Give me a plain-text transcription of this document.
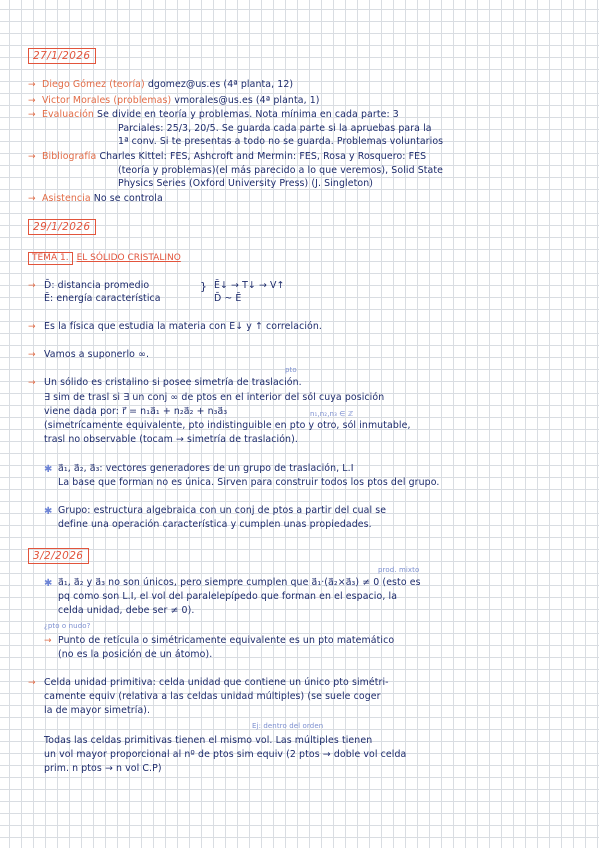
27/1/2026
→ Diego Gómez (teoría) dgomez@us.es (4ª planta, 12)
→ Victor Morales (problemas) vmorales@us.es (4ª planta, 1)
→ Evaluación Se divide en teoría y problemas. Nota mínima en cada parte: 3
Parciales: 25/3, 20/5. Se guarda cada parte si la apruebas para la
1ª conv. Si te presentas a todo no se guarda. Problemas voluntarios
→ Bibliografía Charles Kittel: FES, Ashcroft and Mermin: FES, Rosa y Rosquero: FES
(teoría y problemas)(el más parecido a lo que veremos), Solid State
Physics Series (Oxford University Press) (J. Singleton)
→ Asistencia No se controla
29/1/2026
TEMA 1. EL SÓLIDO CRISTALINO
→ D̄: distancia promedio	} Ē↓ → T↓ → V↑
Ē: energía característica	D̄ ~ Ē
→ Es la física que estudia la materia con E↓ y ↑ correlación.
→ Vamos a suponerlo ∞.
pto
→ Un sólido es cristalino si posee simetría de traslación.
∃ sim de trasl si ∃ un conj ∞ de ptos en el interior del sól cuya posición
viene dada por: r⃗ = n₁a⃗₁ + n₂a⃗₂ + n₃a⃗₃	n₁,n₂,n₃ ∈ ℤ
(simetrícamente equivalente, pto indistinguible en pto y otro, sól inmutable,
trasl no observable (tocam → simetría de traslación).
✱ a⃗₁, a⃗₂, a⃗₃: vectores generadores de un grupo de traslación, L.I
La base que forman no es única. Sirven para construir todos los ptos del grupo.
✱ Grupo: estructura algebraica con un conj de ptos a partir del cual se
define una operación característica y cumplen unas propiedades.
3/2/2026
prod. mixto
✱ a⃗₁, a⃗₂ y a⃗₃ no son únicos, pero siempre cumplen que a⃗₁·(a⃗₂×a⃗₃) ≠ 0 (esto es
pq como son L.I, el vol del paralelepípedo que forman en el espacio, la
celda unidad, debe ser ≠ 0).
¿pto o nudo?
→ Punto de retícula o simétricamente equivalente es un pto matemático
(no es la posición de un átomo).
→ Celda unidad primitiva: celda unidad que contiene un único pto simétri-
camente equiv (relativa a las celdas unidad múltiples) (se suele coger
la de mayor simetría).
Ej: dentro del orden
Todas las celdas primitivas tienen el mismo vol. Las múltiples tienen
un vol mayor proporcional al nº de ptos sim equiv (2 ptos → doble vol celda
prim. n ptos → n vol C.P)
